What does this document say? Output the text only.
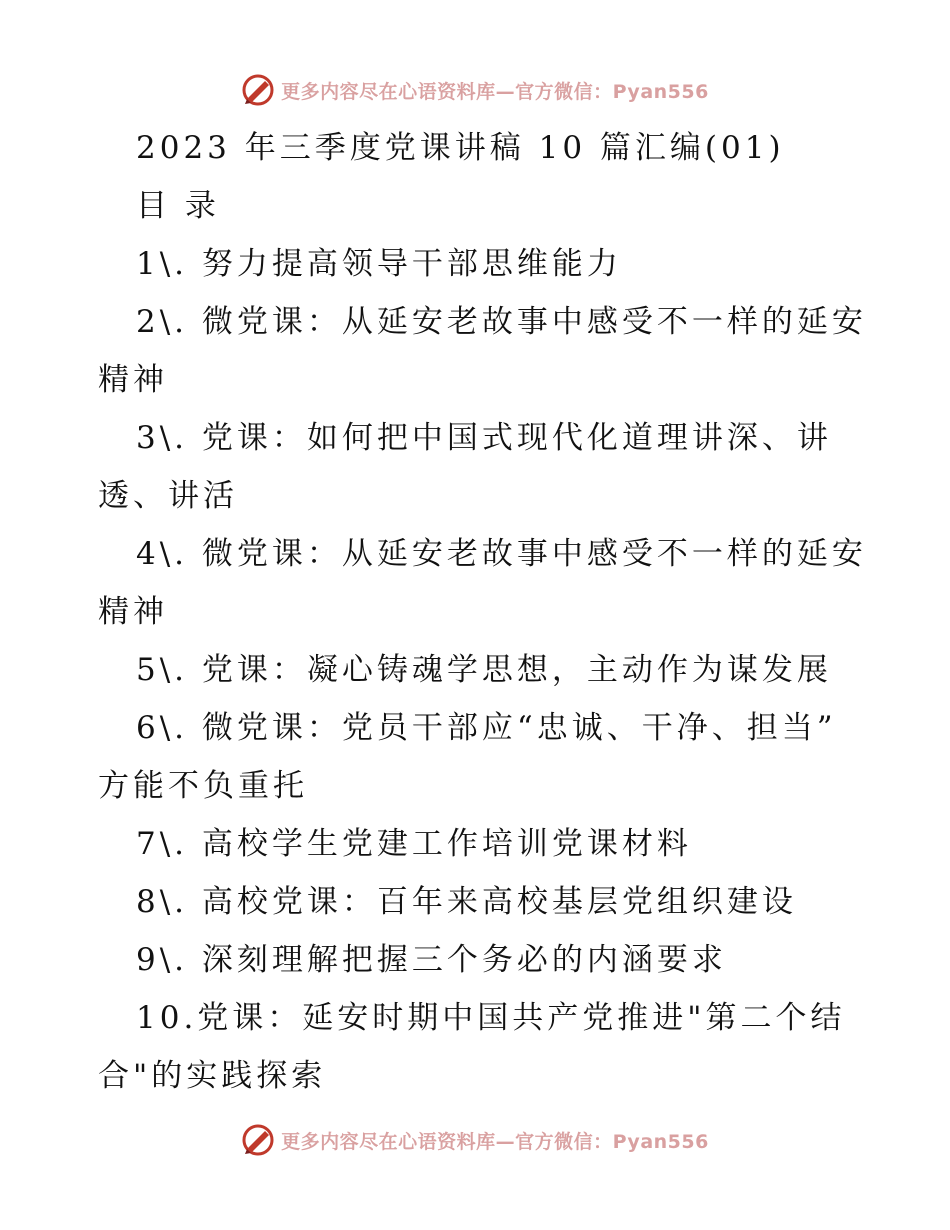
更多内容尽在心语资料库—官方微信：Pyan556
2023 年三季度党课讲稿 10 篇汇编(01)
目 录
1\. 努力提高领导干部思维能力
2\. 微党课：从延安老故事中感受不一样的延安
精神
3\. 党课：如何把中国式现代化道理讲深、讲
透、讲活
4\. 微党课：从延安老故事中感受不一样的延安
精神
5\. 党课：凝心铸魂学思想，主动作为谋发展
6\. 微党课：党员干部应“忠诚、干净、担当”
方能不负重托
7\. 高校学生党建工作培训党课材料
8\. 高校党课：百年来高校基层党组织建设
9\. 深刻理解把握三个务必的内涵要求
10.党课：延安时期中国共产党推进"第二个结
合"的实践探索
更多内容尽在心语资料库—官方微信：Pyan556
